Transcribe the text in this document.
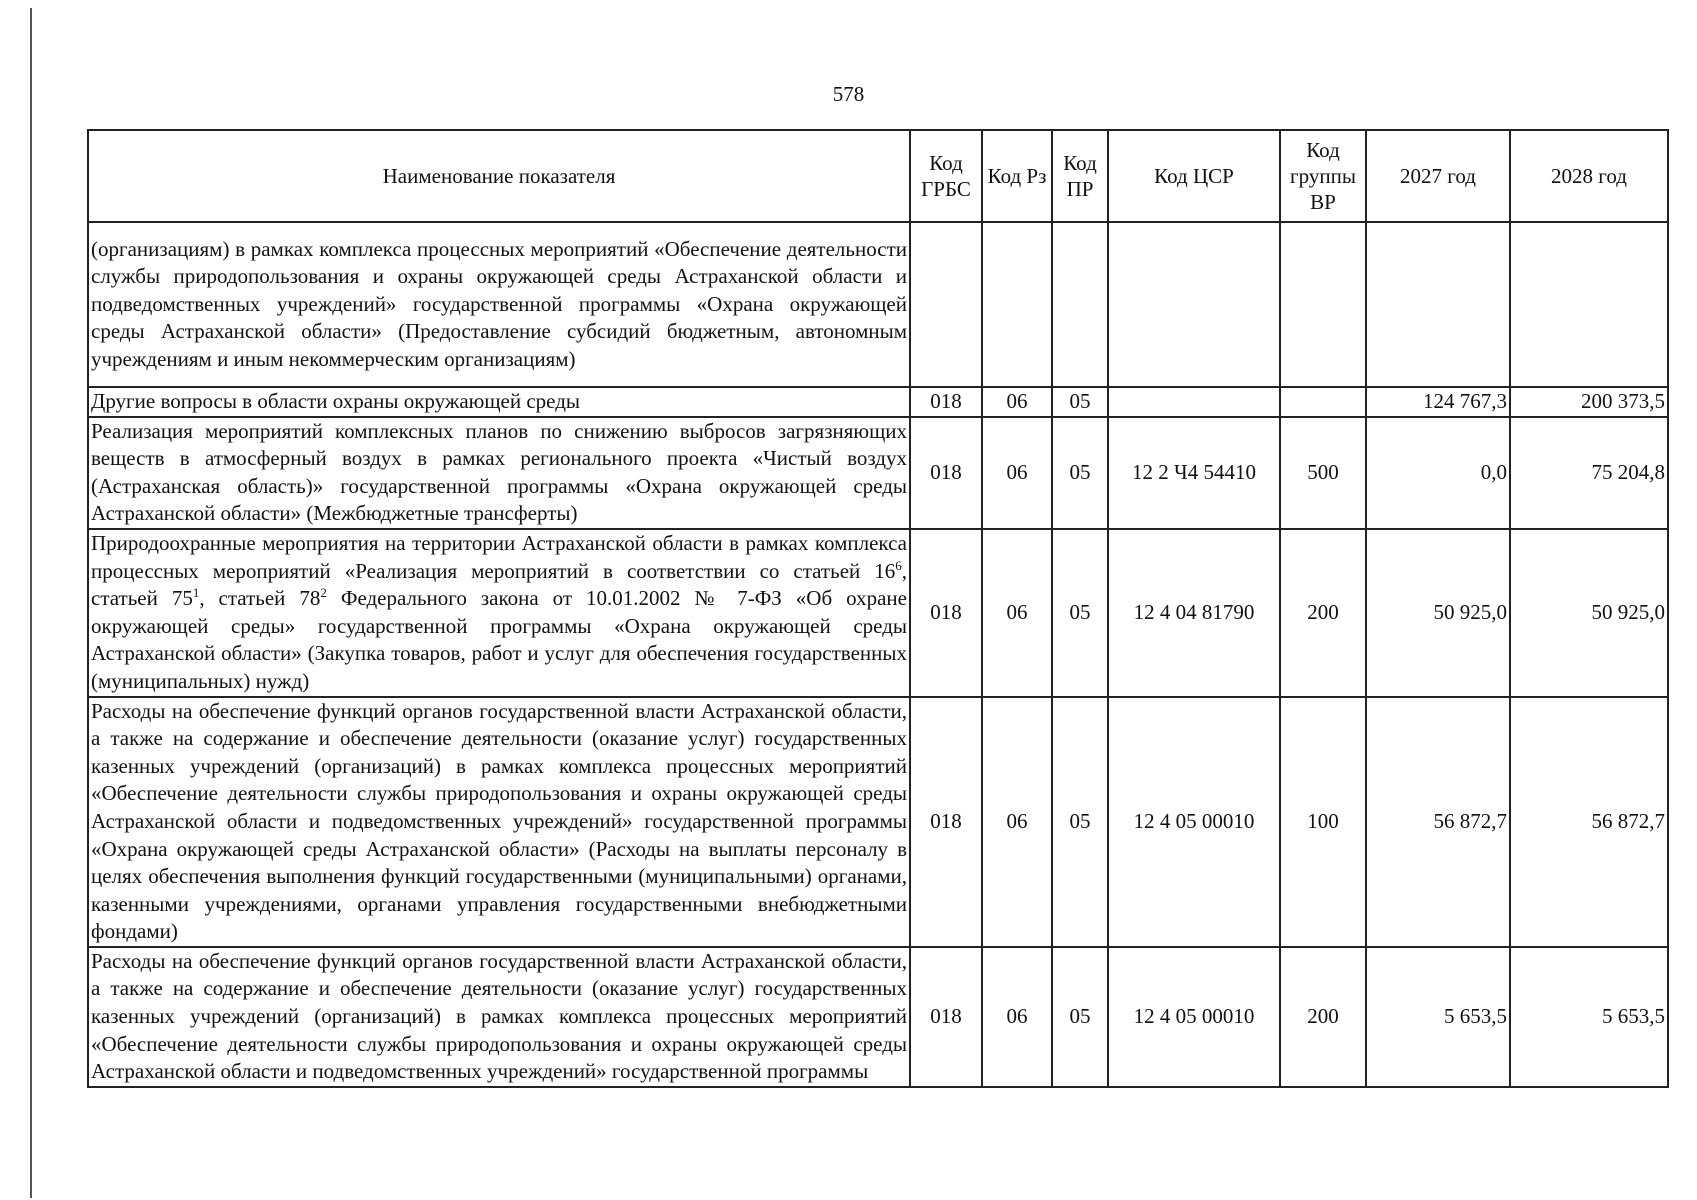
578
Наименование показателя	Код ГРБС	Код Рз	Код ПР	Код ЦСР	Код группы ВР	2027 год	2028 год
(организациям) в рамках комплекса процессных мероприятий «Обеспечение деятельности службы природопользования и охраны окружающей среды Астраханской области и подведомственных учреждений» государственной программы «Охрана окружающей среды Астраханской области» (Предоставление субсидий бюджетным, автономным учреждениям и иным некоммерческим организациям)							
Другие вопросы в области охраны окружающей среды	018	06	05			124 767,3	200 373,5
Реализация мероприятий комплексных планов по снижению выбросов загрязняющих веществ в атмосферный воздух в рамках регионального проекта «Чистый воздух (Астраханская область)» государственной программы «Охрана окружающей среды Астраханской области» (Межбюджетные трансферты)	018	06	05	12 2 Ч4 54410	500	0,0	75 204,8
Природоохранные мероприятия на территории Астраханской области в рамках комплекса процессных мероприятий «Реализация мероприятий в соответствии со статьей $16^6$, статьей $75^1$, статьей $78^2$ Федерального закона от 10.01.2002 № 7-ФЗ «Об охране окружающей среды» государственной программы «Охрана окружающей среды Астраханской области» (Закупка товаров, работ и услуг для обеспечения государственных (муниципальных) нужд)	018	06	05	12 4 04 81790	200	50 925,0	50 925,0
Расходы на обеспечение функций органов государственной власти Астраханской области, а также на содержание и обеспечение деятельности (оказание услуг) государственных казенных учреждений (организаций) в рамках комплекса процессных мероприятий «Обеспечение деятельности службы природопользования и охраны окружающей среды Астраханской области и подведомственных учреждений» государственной программы «Охрана окружающей среды Астраханской области» (Расходы на выплаты персоналу в целях обеспечения выполнения функций государственными (муниципальными) органами, казенными учреждениями, органами управления государственными внебюджетными фондами)	018	06	05	12 4 05 00010	100	56 872,7	56 872,7
Расходы на обеспечение функций органов государственной власти Астраханской области, а также на содержание и обеспечение деятельности (оказание услуг) государственных казенных учреждений (организаций) в рамках комплекса процессных мероприятий «Обеспечение деятельности службы природопользования и охраны окружающей среды Астраханской области и подведомственных учреждений» государственной программы	018	06	05	12 4 05 00010	200	5 653,5	5 653,5
